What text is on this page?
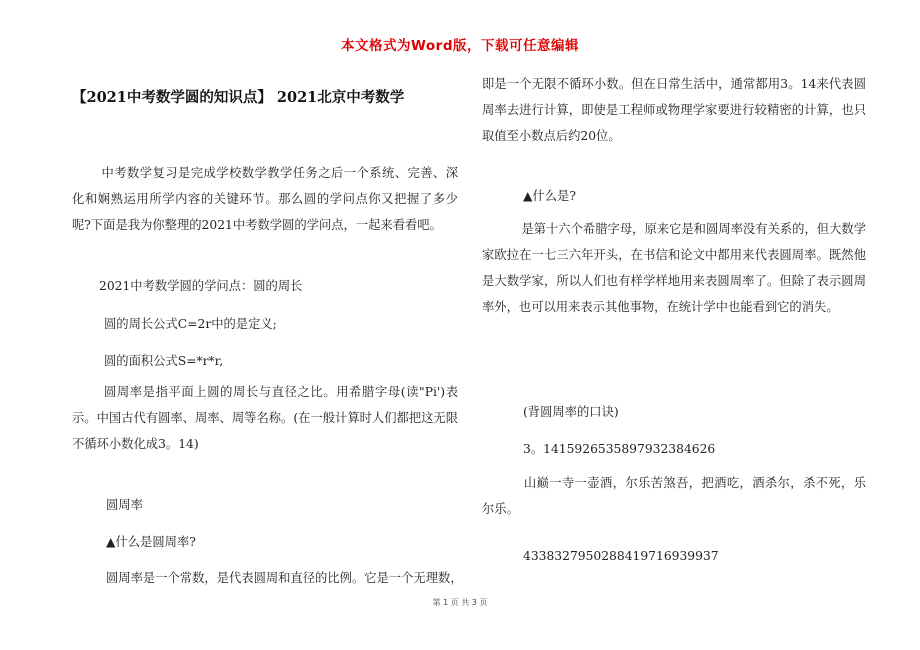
本文格式为Word版，下载可任意编辑
【2021中考数学圆的知识点】 2021北京中考数学

中考数学复习是完成学校数学教学任务之后一个系统、完善、深化和娴熟运用所学内容的关键环节。那么圆的学问点你又把握了多少呢?下面是我为你整理的2021中考数学圆的学问点，一起来看看吧。

2021中考数学圆的学问点：圆的周长
圆的周长公式C=2r中的是定义;
圆的面积公式S=*r*r,

圆周率是指平面上圆的周长与直径之比。用希腊字母(读"Pi')表示。中国古代有圆率、周率、周等名称。(在一般计算时人们都把这无限不循环小数化成3。14)

圆周率
▲什么是圆周率?
圆周率是一个常数，是代表圆周和直径的比例。它是一个无理数，

即是一个无限不循环小数。但在日常生活中，通常都用3。14来代表圆周率去进行计算，即使是工程师或物理学家要进行较精密的计算，也只取值至小数点后约20位。

▲什么是?

是第十六个希腊字母，原来它是和圆周率没有关系的，但大数学家欧拉在一七三六年开头，在书信和论文中都用来代表圆周率。既然他是大数学家，所以人们也有样学样地用来表圆周率了。但除了表示圆周率外，也可以用来表示其他事物，在统计学中也能看到它的消失。

(背圆周率的口诀)
3。14159265358979323846​26

山巅一寺一壶酒，尔乐苦煞吾，把酒吃，酒杀尔，杀不死，乐尔乐。

4338327950288419716939937
第 1 页 共 3 页
